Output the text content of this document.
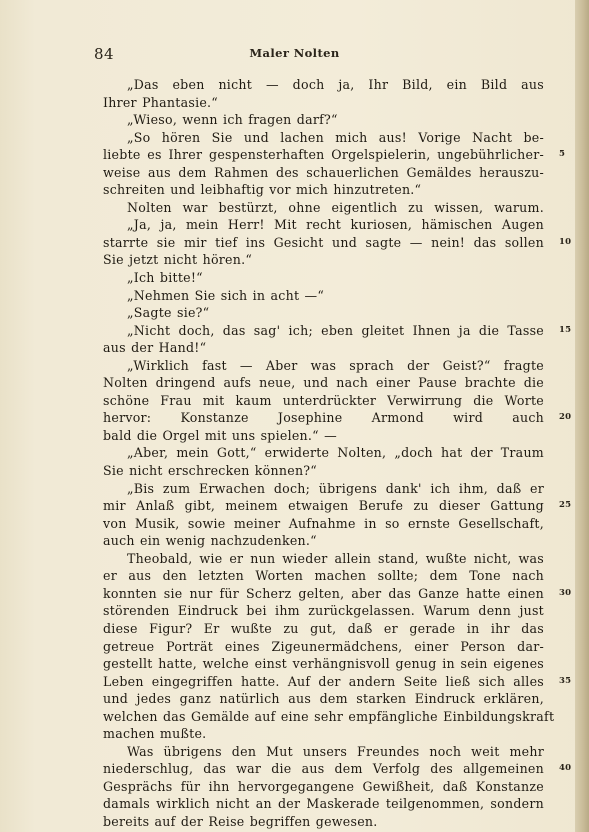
84	Maler Nolten
„Das eben nicht — doch ja, Ihr Bild, ein Bild aus
Ihrer Phantasie.“
„Wieso, wenn ich fragen darf?“
„So hören Sie und lachen mich aus! Vorige Nacht be-
liebte es Ihrer gespensterhaften Orgelspielerin, ungebührlicher- 5
weise aus dem Rahmen des schauerlichen Gemäldes herauszu-
schreiten und leibhaftig vor mich hinzutreten.“
Nolten war bestürzt, ohne eigentlich zu wissen, warum.
„Ja, ja, mein Herr! Mit recht kuriosen, hämischen Augen
starrte sie mir tief ins Gesicht und sagte — nein! das sollen 10
Sie jetzt nicht hören.“
„Ich bitte!“
„Nehmen Sie sich in acht —“
„Sagte sie?“
„Nicht doch, das sag' ich; eben gleitet Ihnen ja die Tasse 15
aus der Hand!“
„Wirklich fast — Aber was sprach der Geist?“ fragte
Nolten dringend aufs neue, und nach einer Pause brachte die
schöne Frau mit kaum unterdrückter Verwirrung die Worte
hervor: Konstanze Josephine Armond wird auch 20
bald die Orgel mit uns spielen.“ —
„Aber, mein Gott,“ erwiderte Nolten, „doch hat der Traum
Sie nicht erschrecken können?“
„Bis zum Erwachen doch; übrigens dank' ich ihm, daß er
mir Anlaß gibt, meinem etwaigen Berufe zu dieser Gattung 25
von Musik, sowie meiner Aufnahme in so ernste Gesellschaft,
auch ein wenig nachzudenken.“
Theobald, wie er nun wieder allein stand, wußte nicht, was
er aus den letzten Worten machen sollte; dem Tone nach
konnten sie nur für Scherz gelten, aber das Ganze hatte einen 30
störenden Eindruck bei ihm zurückgelassen. Warum denn just
diese Figur? Er wußte zu gut, daß er gerade in ihr das
getreue Porträt eines Zigeunermädchens, einer Person dar-
gestellt hatte, welche einst verhängnisvoll genug in sein eigenes
Leben eingegriffen hatte. Auf der andern Seite ließ sich alles 35
und jedes ganz natürlich aus dem starken Eindruck erklären,
welchen das Gemälde auf eine sehr empfängliche Einbildungskraft
machen mußte.
Was übrigens den Mut unsers Freundes noch weit mehr
niederschlug, das war die aus dem Verfolg des allgemeinen 40
Gesprächs für ihn hervorgegangene Gewißheit, daß Konstanze
damals wirklich nicht an der Maskerade teilgenommen, sondern
bereits auf der Reise begriffen gewesen.
